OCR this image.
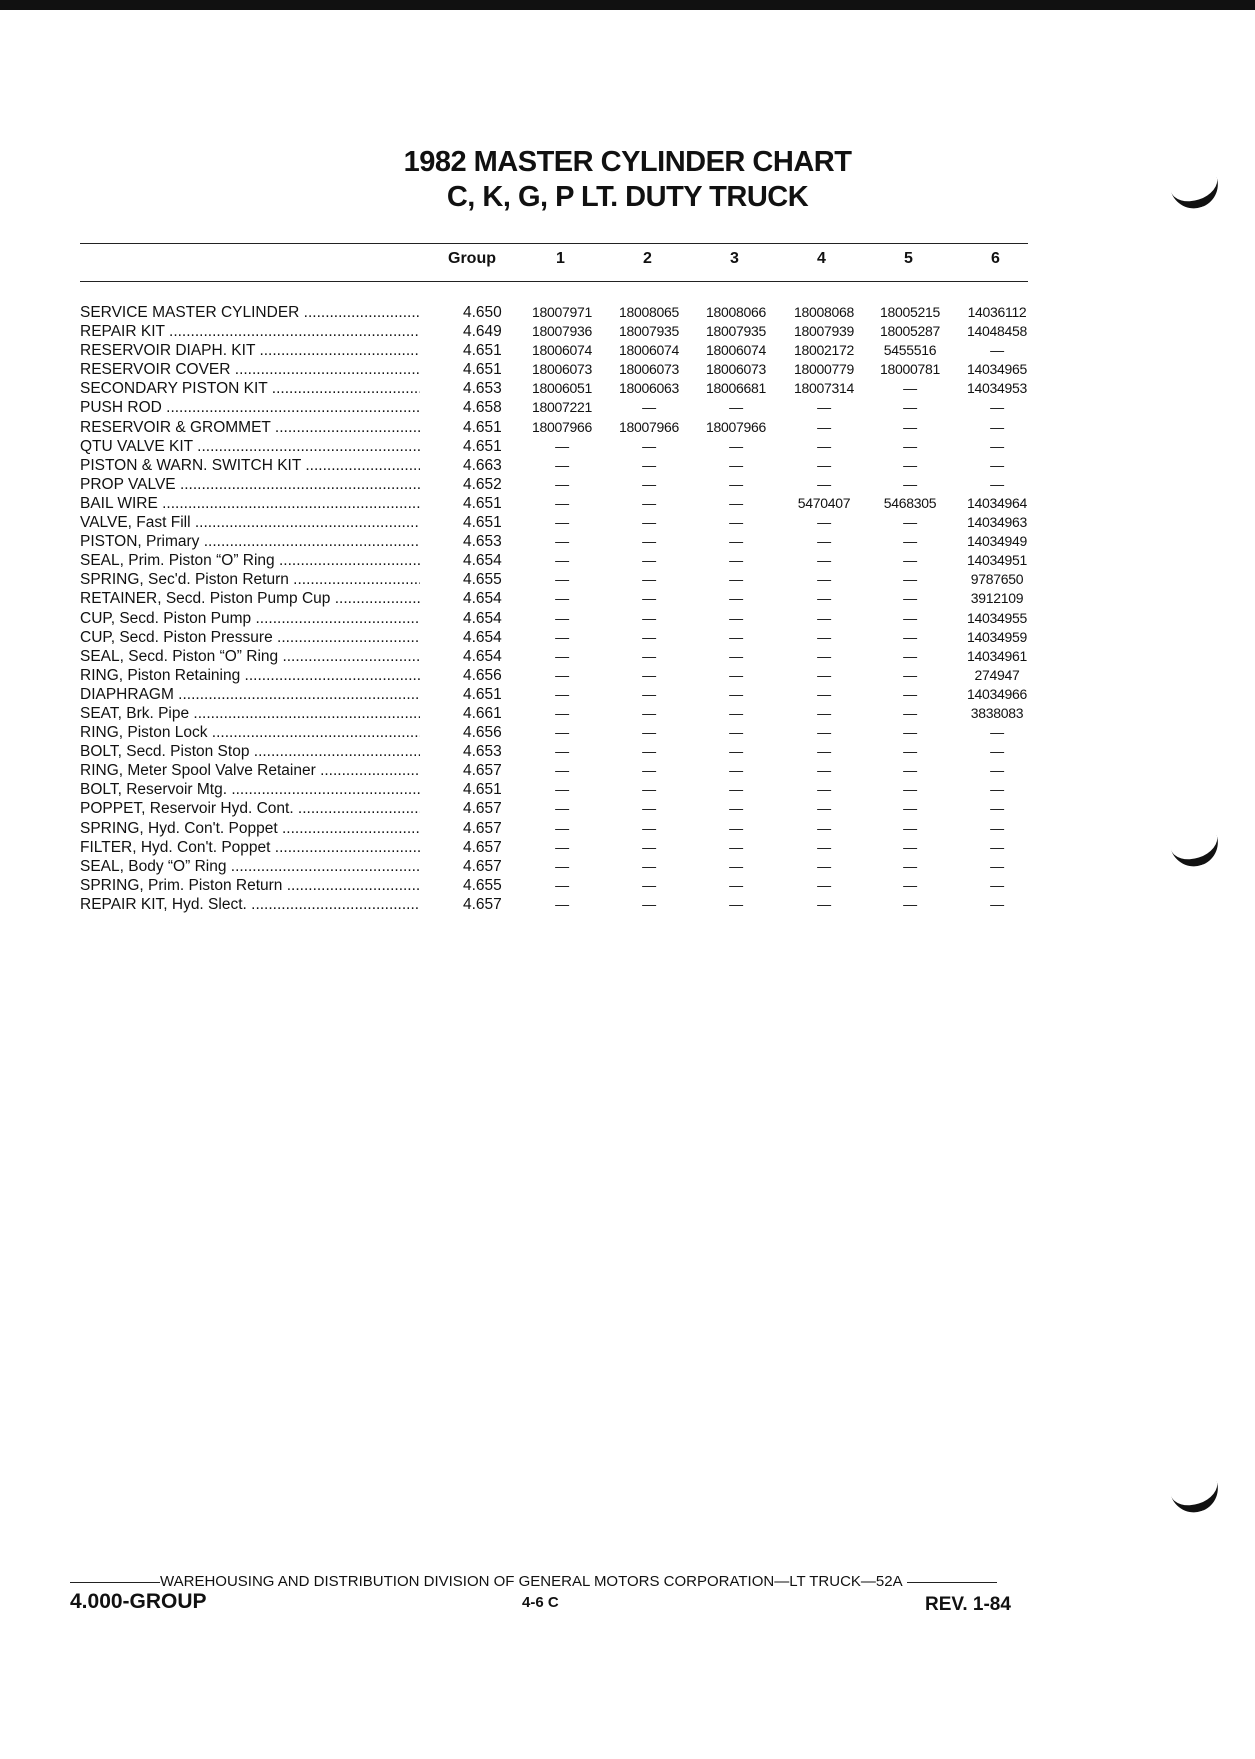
1982 MASTER CYLINDER CHART
C, K, G, P LT. DUTY TRUCK
Group	1	2	3	4	5	6
SERVICE MASTER CYLINDER .....	4.650	18007971	18008065	18008066	18008068	18005215	14036112
REPAIR KIT .....	4.649	18007936	18007935	18007935	18007939	18005287	14048458
RESERVOIR DIAPH. KIT .....	4.651	18006074	18006074	18006074	18002172	5455516	—
RESERVOIR COVER .....	4.651	18006073	18006073	18006073	18000779	18000781	14034965
SECONDARY PISTON KIT .....	4.653	18006051	18006063	18006681	18007314	—	14034953
PUSH ROD .....	4.658	18007221	—	—	—	—	—
RESERVOIR & GROMMET .....	4.651	18007966	18007966	18007966	—	—	—
QTU VALVE KIT .....	4.651	—	—	—	—	—	—
PISTON & WARN. SWITCH KIT .....	4.663	—	—	—	—	—	—
PROP VALVE .....	4.652	—	—	—	—	—	—
BAIL WIRE .....	4.651	—	—	—	5470407	5468305	14034964
VALVE, Fast Fill .....	4.651	—	—	—	—	—	14034963
PISTON, Primary .....	4.653	—	—	—	—	—	14034949
SEAL, Prim. Piston “O” Ring .....	4.654	—	—	—	—	—	14034951
SPRING, Sec'd. Piston Return .....	4.655	—	—	—	—	—	9787650
RETAINER, Secd. Piston Pump Cup .....	4.654	—	—	—	—	—	3912109
CUP, Secd. Piston Pump .....	4.654	—	—	—	—	—	14034955
CUP, Secd. Piston Pressure .....	4.654	—	—	—	—	—	14034959
SEAL, Secd. Piston “O” Ring .....	4.654	—	—	—	—	—	14034961
RING, Piston Retaining .....	4.656	—	—	—	—	—	274947
DIAPHRAGM .....	4.651	—	—	—	—	—	14034966
SEAT, Brk. Pipe .....	4.661	—	—	—	—	—	3838083
RING, Piston Lock .....	4.656	—	—	—	—	—	—
BOLT, Secd. Piston Stop .....	4.653	—	—	—	—	—	—
RING, Meter Spool Valve Retainer .....	4.657	—	—	—	—	—	—
BOLT, Reservoir Mtg. .....	4.651	—	—	—	—	—	—
POPPET, Reservoir Hyd. Cont. .....	4.657	—	—	—	—	—	—
SPRING, Hyd. Con't. Poppet .....	4.657	—	—	—	—	—	—
FILTER, Hyd. Con't. Poppet .....	4.657	—	—	—	—	—	—
SEAL, Body “O” Ring .....	4.657	—	—	—	—	—	—
SPRING, Prim. Piston Return .....	4.655	—	—	—	—	—	—
REPAIR KIT, Hyd. Slect. .....	4.657	—	—	—	—	—	—
WAREHOUSING AND DISTRIBUTION DIVISION OF GENERAL MOTORS CORPORATION—LT TRUCK—52A
4.000-GROUP	4-6 C	REV. 1-84
